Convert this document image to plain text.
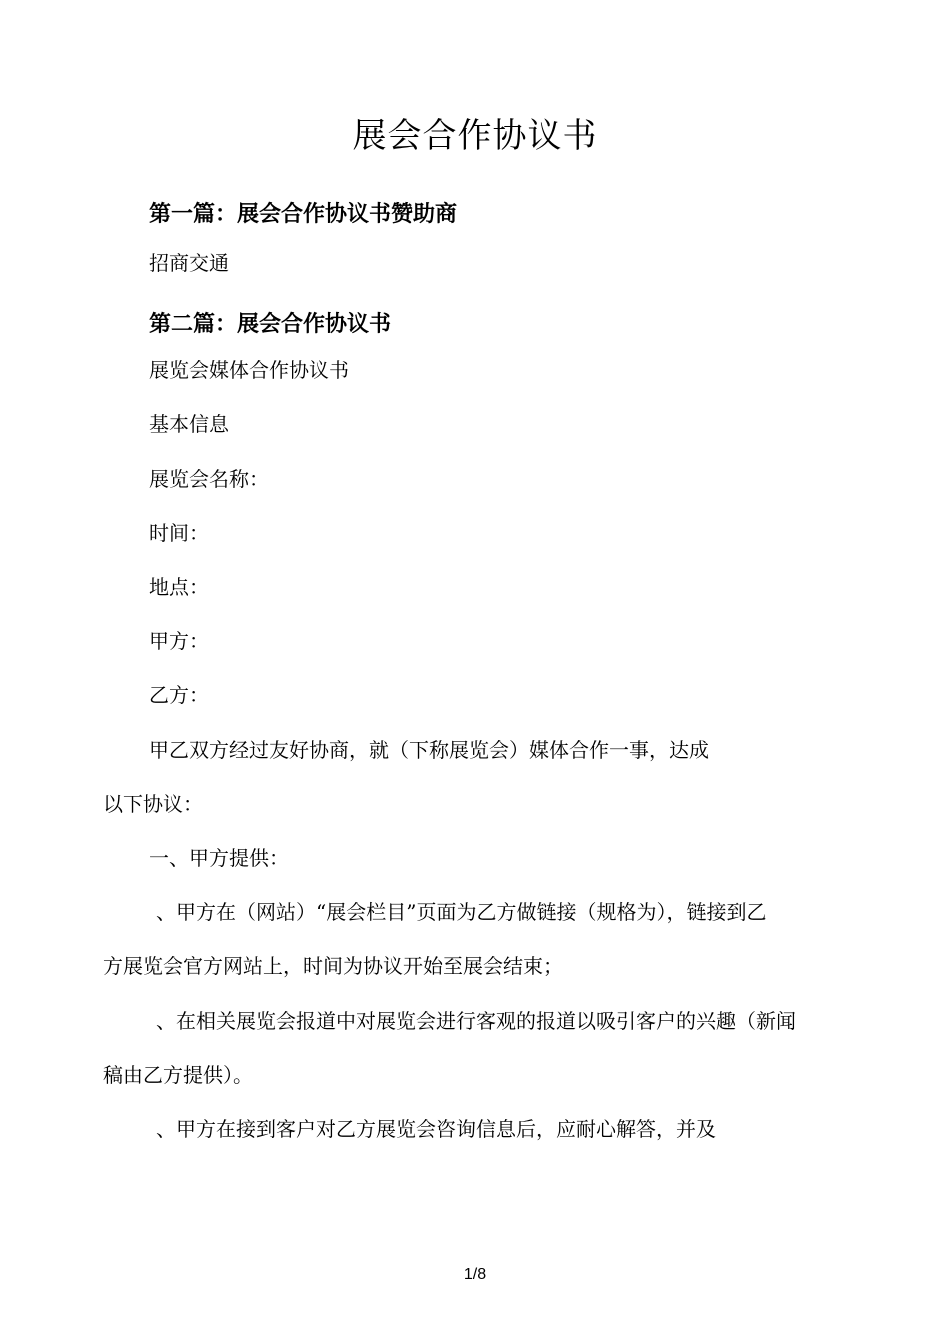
展会合作协议书
第一篇：展会合作协议书赞助商
招商交通
第二篇：展会合作协议书
展览会媒体合作协议书
基本信息
展览会名称：
时间：
地点：
甲方：
乙方：
甲乙双方经过友好协商，就（下称展览会）媒体合作一事，达成
以下协议：
一、甲方提供：
、甲方在（网站）“展会栏目”页面为乙方做链接（规格为），链接到乙
方展览会官方网站上，时间为协议开始至展会结束；
、在相关展览会报道中对展览会进行客观的报道以吸引客户的兴趣（新闻
稿由乙方提供）。
、甲方在接到客户对乙方展览会咨询信息后，应耐心解答，并及
1/8
